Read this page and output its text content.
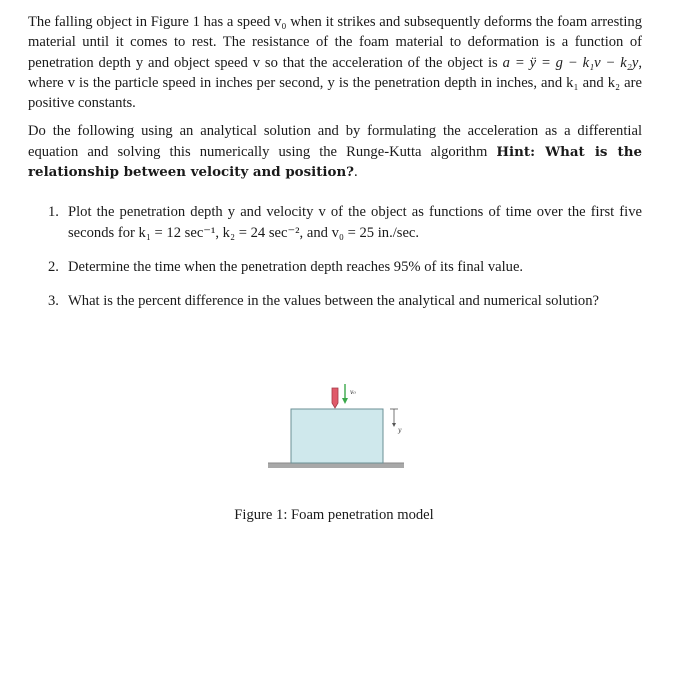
The falling object in Figure 1 has a speed v₀ when it strikes and subsequently deforms the foam arresting material until it comes to rest. The resistance of the foam material to deformation is a function of penetration depth y and object speed v so that the acceleration of the object is a = ÿ = g − k₁v − k₂y, where v is the particle speed in inches per second, y is the penetration depth in inches, and k₁ and k₂ are positive constants.

Do the following using an analytical solution and by formulating the acceleration as a differential equation and solving this numerically using the Runge-Kutta algorithm Hint: What is the relationship between velocity and position?.

1. Plot the penetration depth y and velocity v of the object as functions of time over the first five seconds for k₁ = 12 sec⁻¹, k₂ = 24 sec⁻², and v₀ = 25 in./sec.
2. Determine the time when the penetration depth reaches 95% of its final value.
3. What is the percent difference in the values between the analytical and numerical solution?
v₀
y
Figure 1: Foam penetration model
